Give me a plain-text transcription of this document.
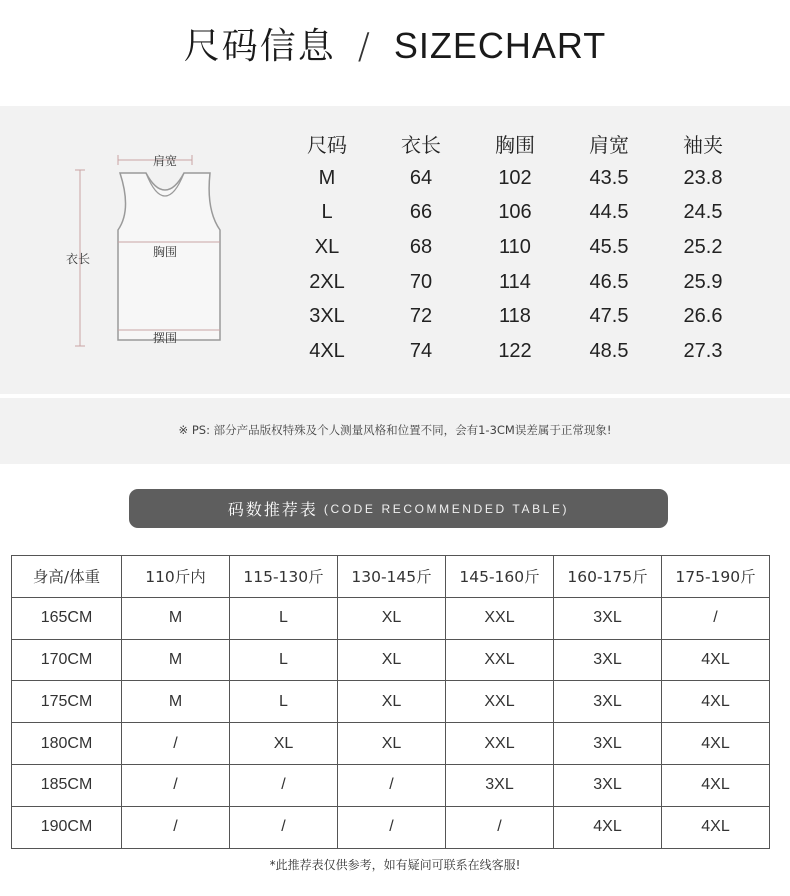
尺码信息 / SIZECHART
肩宽
衣长	胸围
摆围
尺码	衣长	胸围	肩宽	袖夹
M	64	102	43.5	23.8
L	66	106	44.5	24.5
XL	68	110	45.5	25.2
2XL	70	114	46.5	25.9
3XL	72	118	47.5	26.6
4XL	74	122	48.5	27.3
※ PS: 部分产品版权特殊及个人测量风格和位置不同，会有1-3CM误差属于正常现象!
码数推荐表 (CODE RECOMMENDED TABLE)
身高/体重	110斤内	115-130斤	130-145斤	145-160斤	160-175斤	175-190斤
165CM	M	L	XL	XXL	3XL	/
170CM	M	L	XL	XXL	3XL	4XL
175CM	M	L	XL	XXL	3XL	4XL
180CM	/	XL	XL	XXL	3XL	4XL
185CM	/	/	/	3XL	3XL	4XL
190CM	/	/	/	/	4XL	4XL
*此推荐表仅供参考，如有疑问可联系在线客服!
